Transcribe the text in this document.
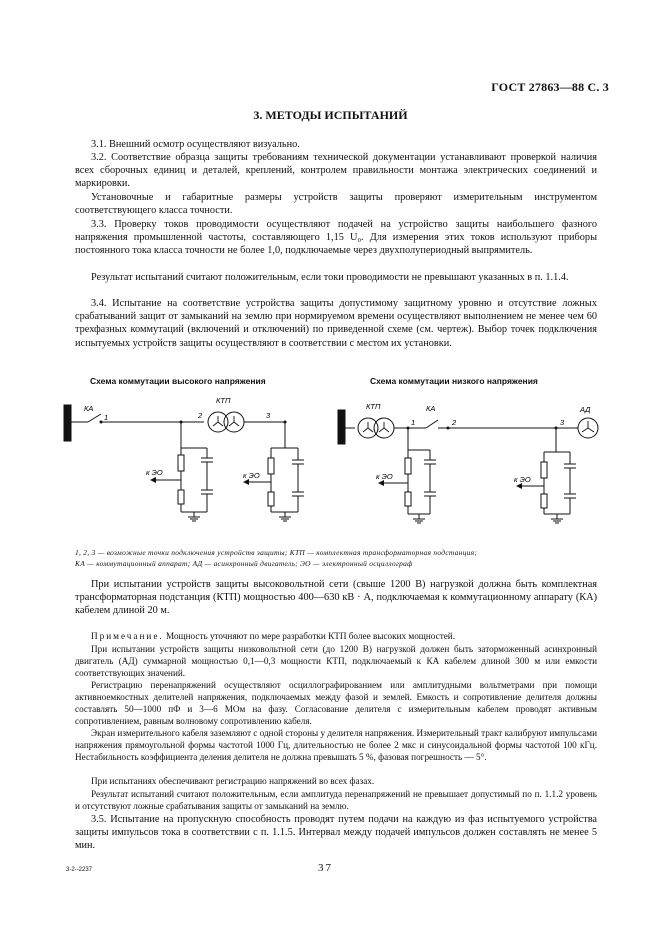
ГОСТ 27863—88 С. 3
3. МЕТОДЫ ИСПЫТАНИЙ
3.1. Внешний осмотр осуществляют визуально.
3.2. Соответствие образца защиты требованиям технической документации устанавливают проверкой наличия всех сборочных единиц и деталей, креплений, контролем правильности монтажа электрических соединений и маркировки.
Установочные и габаритные размеры устройств защиты проверяют измерительным инструментом соответствующего класса точности.
3.3. Проверку токов проводимости осуществляют подачей на устройство защиты наибольшего фазного напряжения промышленной частоты, составляющего 1,15 U₀. Для измерения этих токов используют приборы постоянного тока класса точности не более 1,0, подключаемые через двухполупериодный выпрямитель.
Результат испытаний считают положительным, если токи проводимости не превышают указанных в п. 1.1.4.
3.4. Испытание на соответствие устройства защиты допустимому защитному уровню и отсутствие ложных срабатываний защит от замыканий на землю при нормируемом времени осуществляют выполнением не менее чем 60 трехфазных коммутаций (включений и отключений) по приведенной схеме (см. чертеж). Выбор точек подключения испытуемых устройств защиты осуществляют в соответствии с местом их установки.
Схема коммутации высокого напряжения	Схема коммутации низкого напряжения
КА
1	2	3
КТП
к ЭО	к ЭО
КТП	КА
1	2	3
АД
к ЭО	к ЭО
1, 2, 3 — возможные точки подключения устройств защиты; КТП — комплектная трансформаторная подстанция;
КА — коммутационный аппарат; АД — асинхронный двигатель; ЭО — электронный осциллограф
При испытании устройств защиты высоковольтной сети (свыше 1200 В) нагрузкой должна быть комплектная трансформаторная подстанция (КТП) мощностью 400—630 кВ · А, подключаемая к коммутационному аппарату (КА) кабелем длиной 20 м.
Примечание. Мощность уточняют по мере разработки КТП более высоких мощностей.
При испытании устройств защиты низковольтной сети (до 1200 В) нагрузкой должен быть заторможенный асинхронный двигатель (АД) суммарной мощностью 0,1—0,3 мощности КТП, подключаемый к КА кабелем длиной 300 м или емкости соответствующих значений.
Регистрацию перенапряжений осуществляют осциллографированием или амплитудными вольтметрами при помощи активноемкостных делителей напряжения, подключаемых между фазой и землей. Емкость и сопротивление делителя должны составлять 50—1000 пФ и 3—6 МОм на фазу. Согласование делителя с измерительным кабелем проводят активным сопротивлением, равным волновому сопротивлению кабеля.
Экран измерительного кабеля заземляют с одной стороны у делителя напряжения. Измерительный тракт калибруют импульсами напряжения прямоугольной формы частотой 1000 Гц, длительностью не более 2 мкс и синусоидальной формы частотой 100 кГц. Нестабильность коэффициента деления делителя не должна превышать 5 %, фазовая погрешность — 5°.
При испытаниях обеспечивают регистрацию напряжений во всех фазах.
Результат испытаний считают положительным, если амплитуда перенапряжений не превышает допустимый по п. 1.1.2 уровень и отсутствуют ложные срабатывания защиты от замыканий на землю.
3.5. Испытание на пропускную способность проводят путем подачи на каждую из фаз испытуемого устройства защиты импульсов тока в соответствии с п. 1.1.5. Интервал между подачей импульсов должен составлять не менее 5 мин.
3-2--2237	37
